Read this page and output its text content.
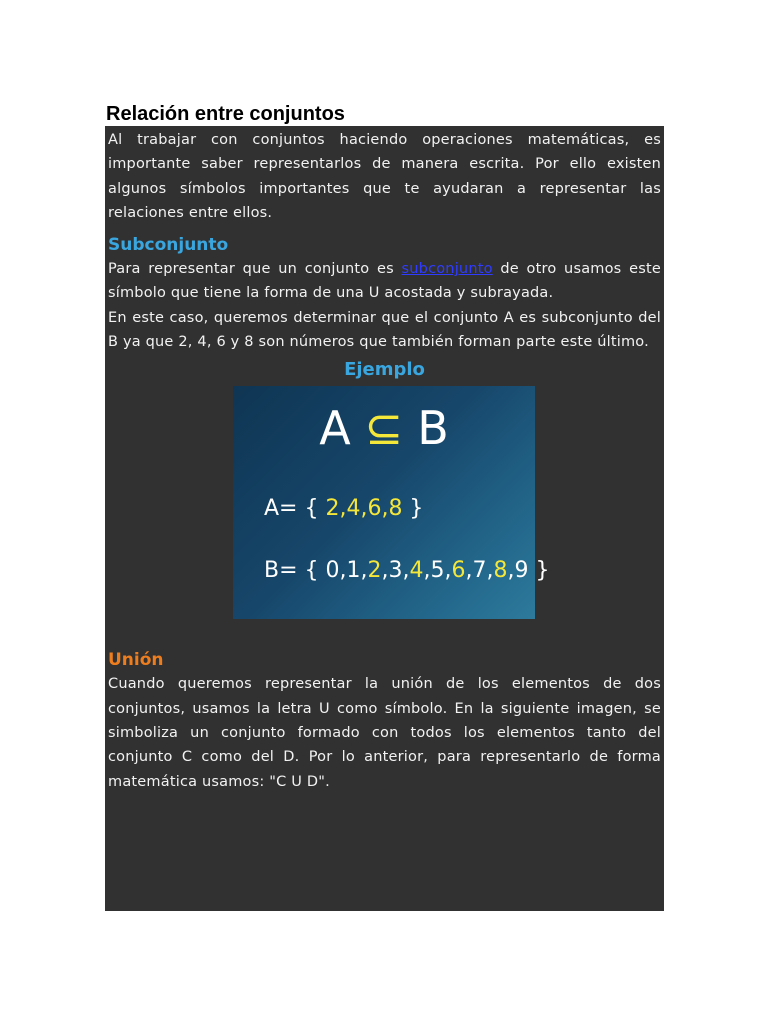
Relación entre conjuntos

Al trabajar con conjuntos haciendo operaciones matemáticas, es importante saber representarlos de manera escrita. Por ello existen algunos símbolos importantes que te ayudaran a representar las relaciones entre ellos.

Subconjunto

Para representar que un conjunto es subconjunto de otro usamos este símbolo que tiene la forma de una U acostada y subrayada.

En este caso, queremos determinar que el conjunto A es subconjunto del B ya que 2, 4, 6 y 8 son números que también forman parte este último.

Ejemplo
A ⊆ B
A= { 2,4,6,8 }
B= { 0,1,2,3,4,5,6,7,8,9 }
Unión

Cuando queremos representar la unión de los elementos de dos conjuntos, usamos la letra U como símbolo. En la siguiente imagen, se simboliza un conjunto formado con todos los elementos tanto del conjunto C como del D. Por lo anterior, para representarlo de forma matemática usamos: "C U D".
